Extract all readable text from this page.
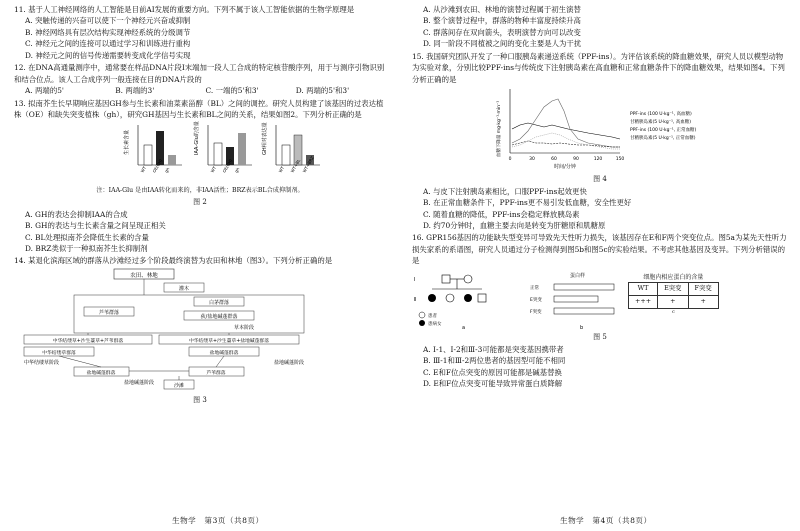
11. 基于人工神经网络的人工智能是目前AI发展的重要方向。下列不属于该人工智能依据的生物学原理是
A. 突触传递的兴奋可以使下一个神经元兴奋或抑制
B. 神经网络具有层次结构实现神经系统的分级调节
C. 神经元之间的连接可以通过学习和训练进行重构
D. 神经元之间的信号传递需要转变成化学信号实现
12. 在DNA高通量测序中，通常要在样品DNA片段I末端加一段人工合成的特定核苷酸序列，用于与测序引物识别和结合位点。该人工合成序列一般连接在目的DNA片段的
A. 两端的5'	B. 两端的3'	C. 一端的5'和3'	D. 两端的5'和3'
13. 拟南芥生长早期响应基因GH参与生长素和油菜素甾醇（BL）之间的调控。研究人员构建了该基因的过表达植株（OE）和缺失突变植株（gh），研究GH基因与生长素和BL之间的关系，结果如图2。下列分析正确的是
生长素含量
WT OE(GH) gh
IAA-Glu的含量
WT OE(GH) gh
GH相对表达量
WT WT+BL WT+BRZ
注：IAA-Glu 是由IAA转化而来的，非IAA活性；BRZ表示BL合成抑制剂。
图 2
A. GH的表达会抑制IAA的合成
B. GH的表达与生长素含量之间呈现正相关
C. BL处理拟南芥会降低生长素的含量
D. BRZ类似于一种拟南芥生长抑制剂
14. 某退化滨海区域的群落从沙滩经过多个阶段最终演替为农田和林地（图3）。下列分析正确的是
农田、林地
灌木
白茅群落
芦苇群落
荻/盐地碱蓬群落
草本阶段
中华结缕草+沙生薹草+芦苇群落	中华结缕草+沙生薹草+盐地碱蓬群落
中华结缕草群落	盐地碱蓬群落
中华结缕草阶段	盐地碱蓬阶段
盐地碱蓬群落	芦苇群落
盐地碱蓬阶段	沙滩
图 3
A. 从沙滩到农田、林地的演替过程属于初生演替
B. 整个演替过程中，群落的物种丰富度持续升高
C. 群落间存在双向箭头，表明演替方向可以改变
D. 同一阶段不同植被之间的变化主要是人为干扰
15. 我国研究团队开发了一种口服胰岛素递送系统（PPF-ins）。为评估该系统的降血糖效果，研究人员以模型动物为实验对象，分别比较PPF-ins与传统皮下注射胰岛素在高血糖和正常血糖条件下的降血糖效果，结果如图4。下列分析正确的是
血糖下降量 mg·kg⁻¹·min⁻¹
0	30	60	90	120	150
时间/分钟
PPF-ins (100 U·kg⁻¹, 高血糖)
甘精胰岛素(5 U·kg⁻¹, 高血糖)
PPF-ins (100 U·kg⁻¹, 正常血糖)
甘精胰岛素(5 U·kg⁻¹, 正常血糖)
图 4
A. 与皮下注射胰岛素相比，口服PPF-ins起效更快
B. 在正常血糖条件下，PPF-ins更不易引发低血糖，安全性更好
C. 随着血糖的降低，PPF-ins会稳定释放胰岛素
D. 约70分钟时，血糖主要去向是转变为肝糖原和肌糖原
16. GPR156基因的功能缺失型变异可导致先天性听力损失，该基因存在E和F两个突变位点。图5a为某先天性听力损失家系的系谱图，研究人员通过分子检测得到图5b和图5c的实验结果。不考虑其他基因及变异。下列分析错误的是
Ⅰ
Ⅱ
患者
患病女
a
蛋白样
正常
E突变
F突变
b
细胞内相应蛋白的含量
WT	E突变	F突变
+++	+	+
c
图 5
A. Ⅰ-1、Ⅰ-2和Ⅲ-3可能都是突变基因携带者
B. Ⅲ-1和Ⅲ-2两位患者的基因型可能不相同
C. E和F位点突变的原因可能都是碱基替换
D. E和F位点突变可能导致异常蛋白质降解
生物学　第3页（共8页）	生物学　第4页（共8页）
